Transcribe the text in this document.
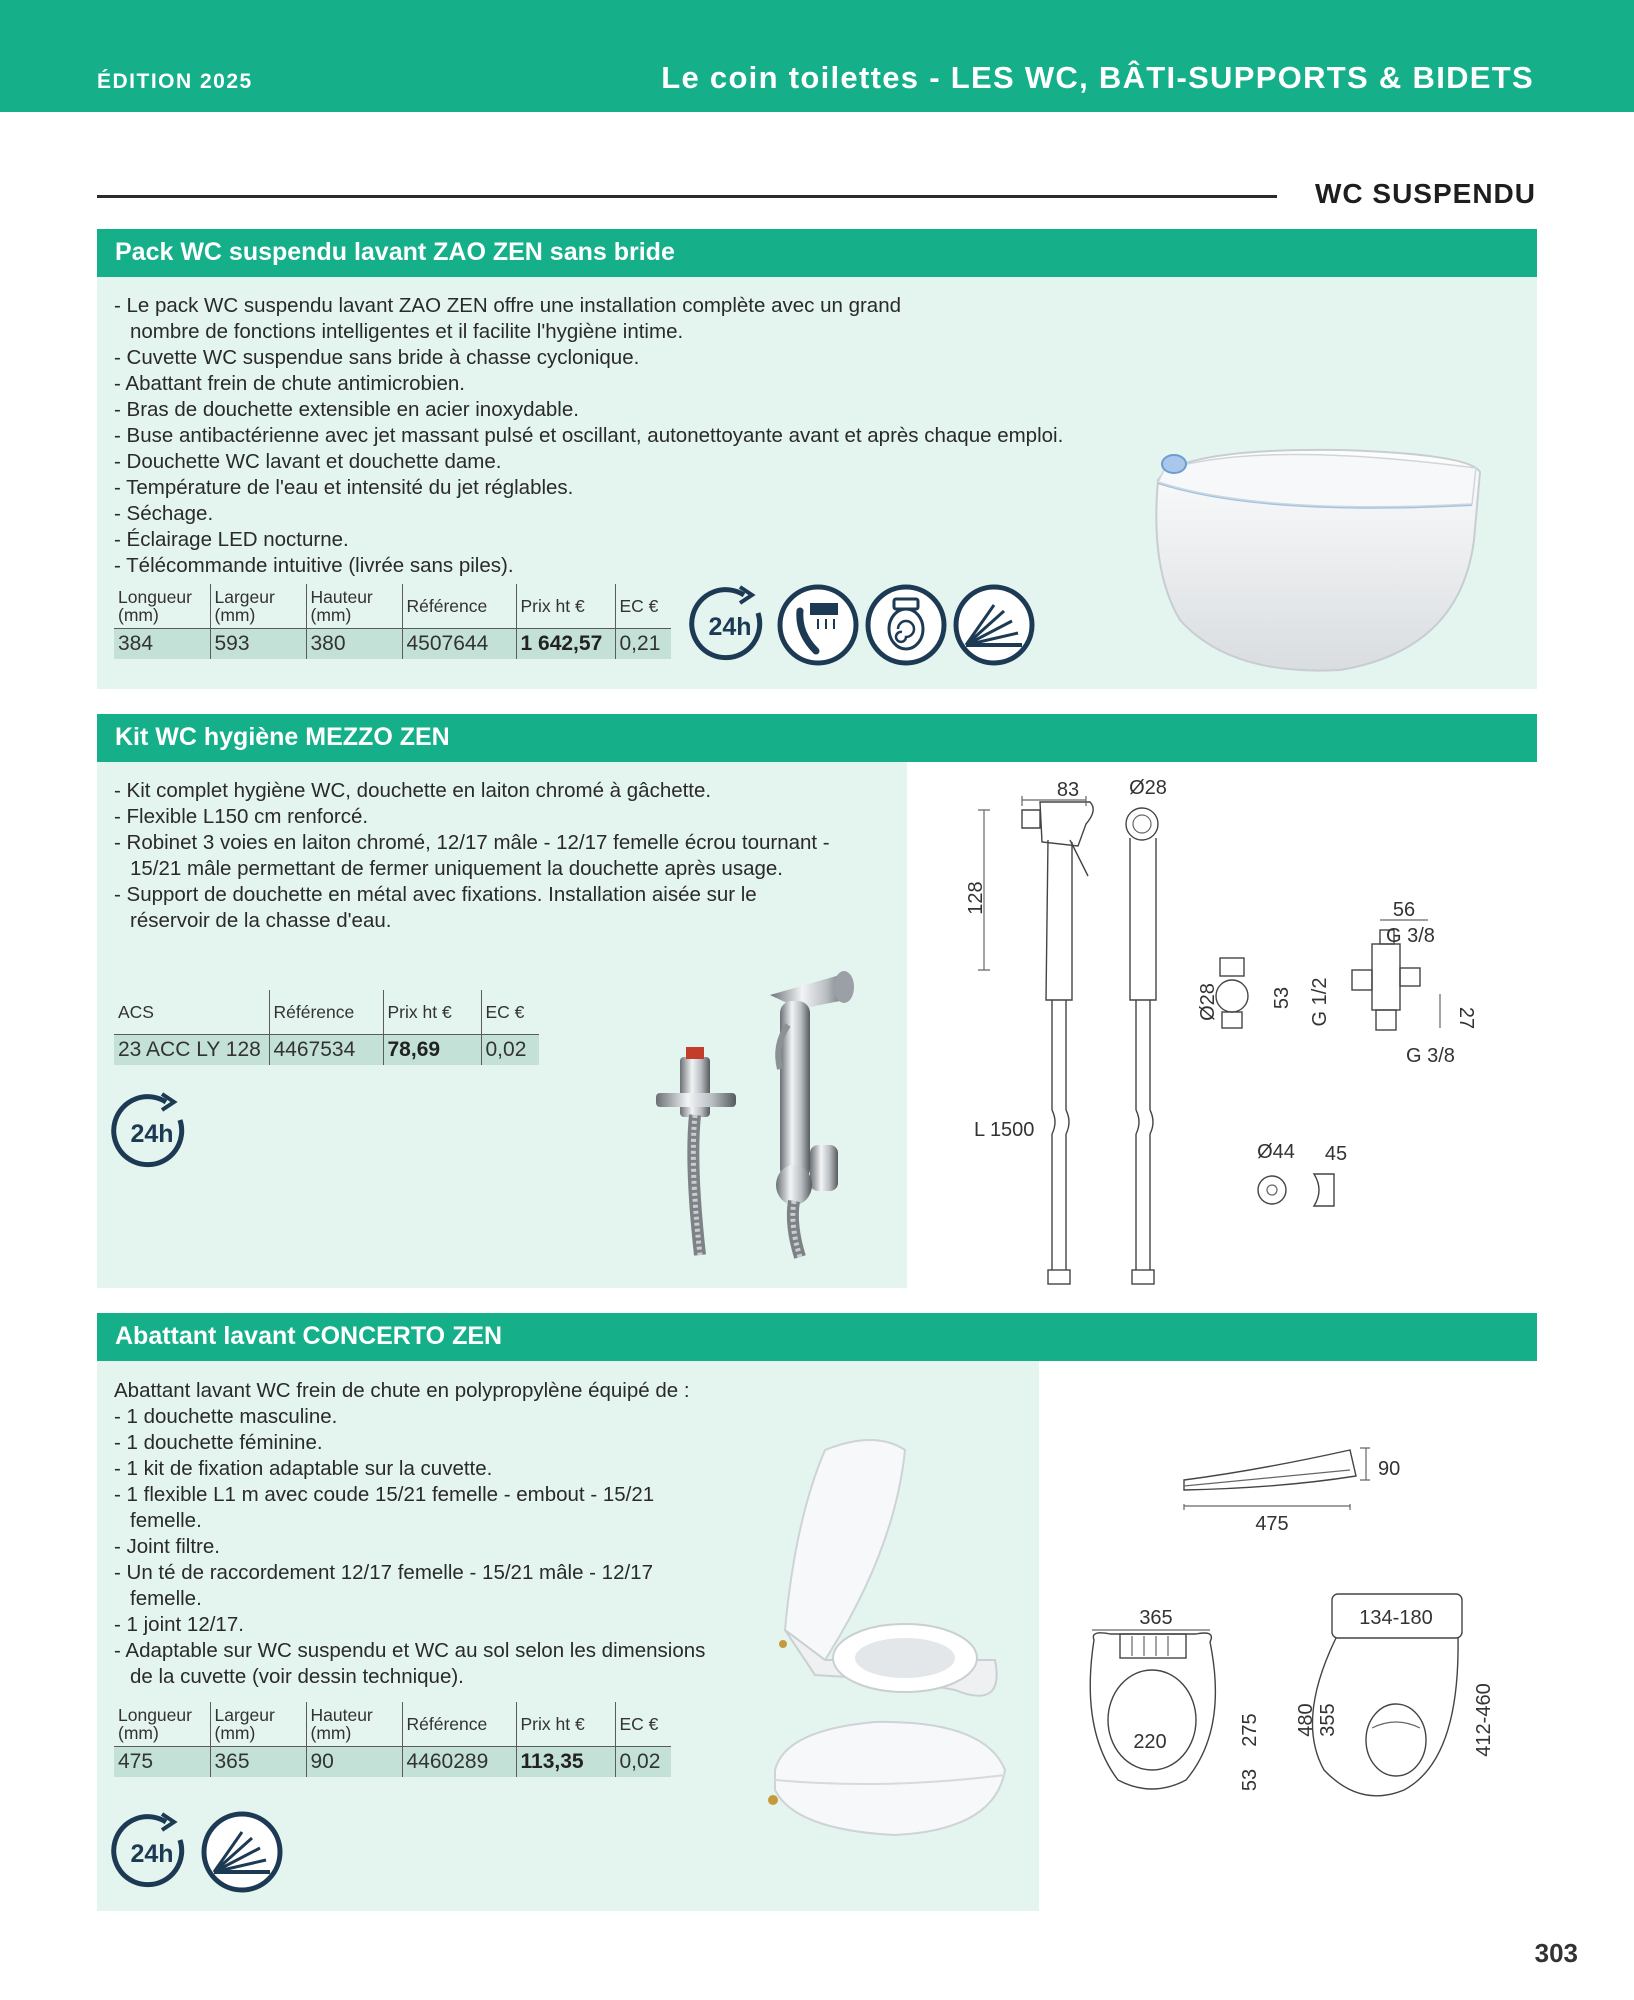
ÉDITION 2025	Le coin toilettes - LES WC, BÂTI-SUPPORTS & BIDETS
WC SUSPENDU
Pack WC suspendu lavant ZAO ZEN sans bride
- Le pack WC suspendu lavant ZAO ZEN offre une installation complète avec un grand nombre de fonctions intelligentes et il facilite l'hygiène intime.
- Cuvette WC suspendue sans bride à chasse cyclonique.
- Abattant frein de chute antimicrobien.
- Bras de douchette extensible en acier inoxydable.
- Buse antibactérienne avec jet massant pulsé et oscillant, autonettoyante avant et après chaque emploi.
- Douchette WC lavant et douchette dame.
- Température de l'eau et intensité du jet réglables.
- Séchage.
- Éclairage LED nocturne.
- Télécommande intuitive (livrée sans piles).
Longueur (mm)	Largeur (mm)	Hauteur (mm)	Référence	Prix ht €	EC €
384	593	380	4507644	1 642,57	0,21
24h
Kit WC hygiène MEZZO ZEN
- Kit complet hygiène WC, douchette en laiton chromé à gâchette.
- Flexible L150 cm renforcé.
- Robinet 3 voies en laiton chromé, 12/17 mâle - 12/17 femelle écrou tournant - 15/21 mâle permettant de fermer uniquement la douchette après usage.
- Support de douchette en métal avec fixations. Installation aisée sur le réservoir de la chasse d'eau.
ACS	Référence	Prix ht €	EC €
23 ACC LY 128	4467534	78,69	0,02
24h
83
128
Ø28
L 1500
Ø28	53
56
G 3/8
G 1/2	27
G 3/8
Ø44 45
Abattant lavant CONCERTO ZEN
Abattant lavant WC frein de chute en polypropylène équipé de :
- 1 douchette masculine.
- 1 douchette féminine.
- 1 kit de fixation adaptable sur la cuvette.
- 1 flexible L1 m avec coude 15/21 femelle - embout - 15/21 femelle.
- Joint filtre.
- Un té de raccordement 12/17 femelle - 15/21 mâle - 12/17 femelle.
- 1 joint 12/17.
- Adaptable sur WC suspendu et WC au sol selon les dimensions de la cuvette (voir dessin technique).
Longueur (mm)	Largeur (mm)	Hauteur (mm)	Référence	Prix ht €	EC €
475	365	90	4460289	113,35	0,02
24h
475
90
365
220	275
53
134-180
480 355	412-460
303
